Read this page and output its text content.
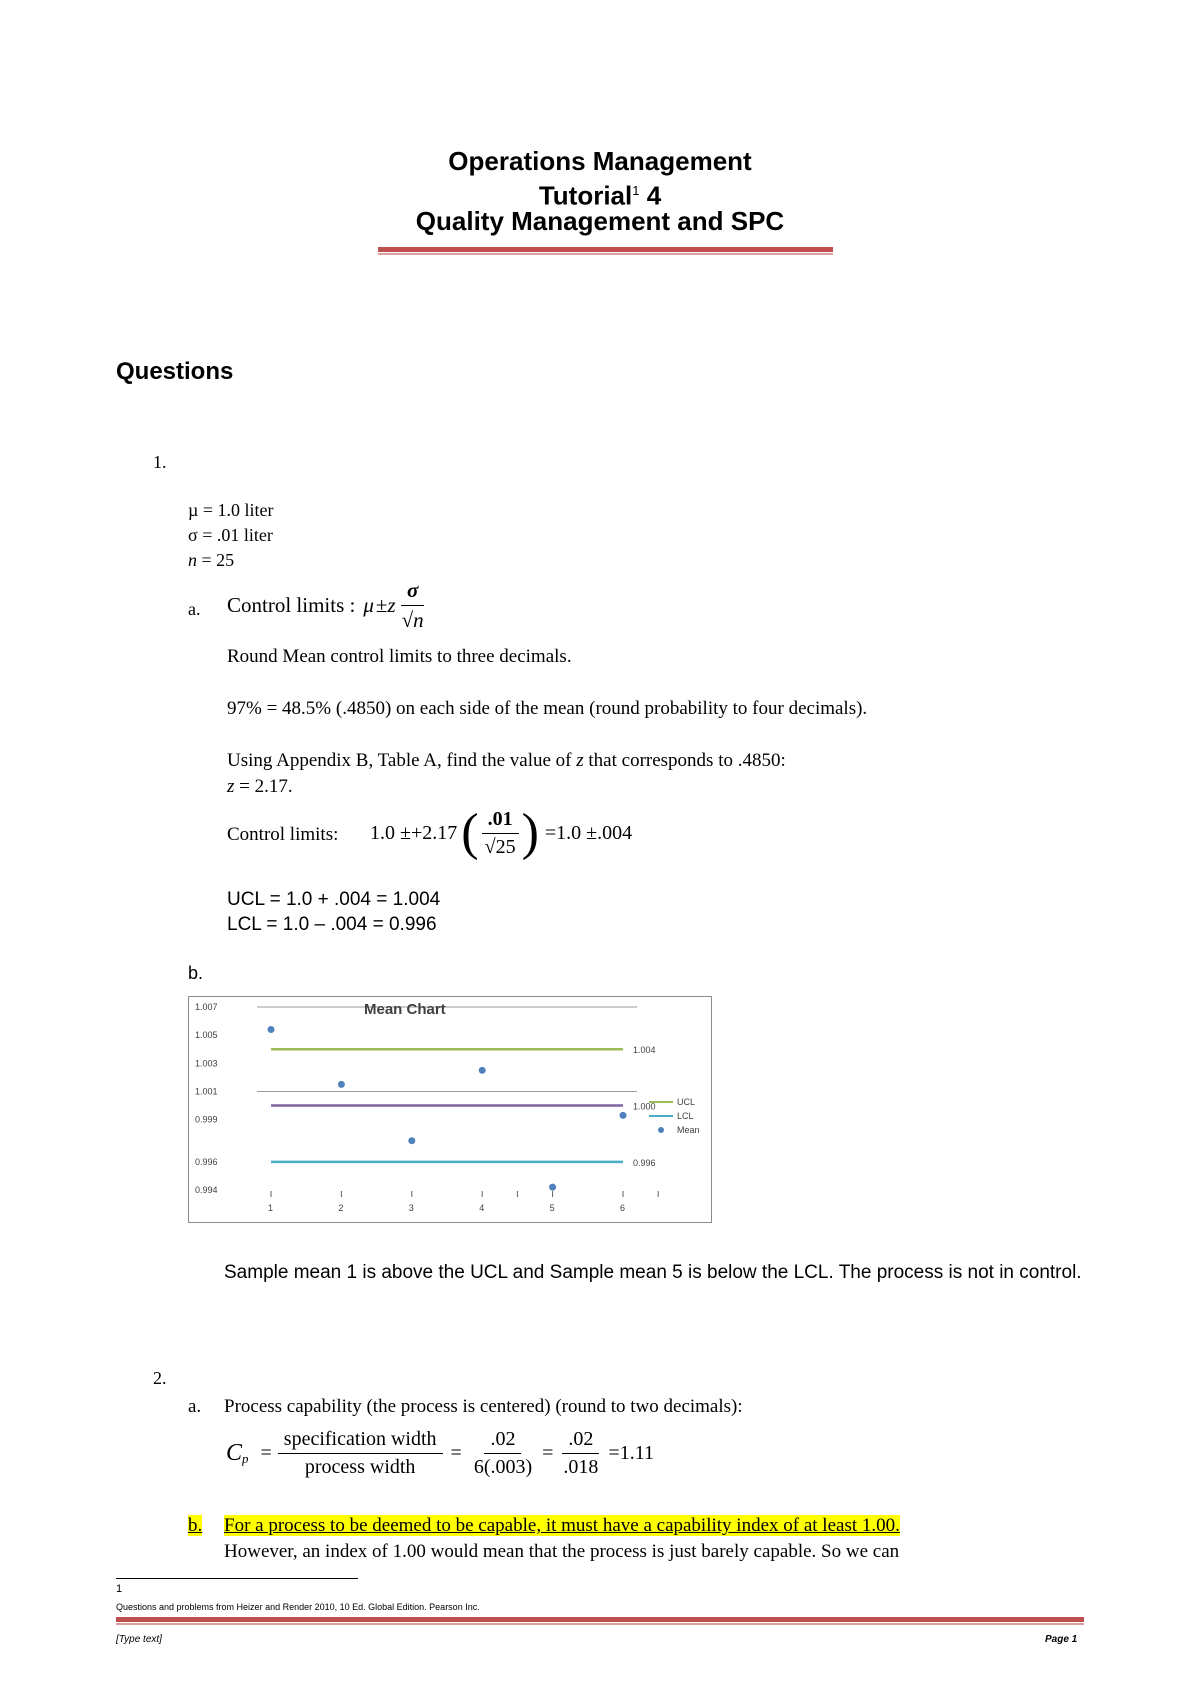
Operations Management
Tutorial$^1$ 4
Quality Management and SPC
Questions
1.
µ = 1.0 liter
σ = .01 liter
n = 25
a. Control limits : μ ± z $\frac{\sigma}{√n}$
Round Mean control limits to three decimals.
97% = 48.5% (.4850) on each side of the mean (round probability to four decimals).
Using Appendix B, Table A, find the value of z that corresponds to .4850:
z = 2.17.
Control limits: 1.0 ±+2.17 ( $\frac{.01}{√25}$ ) =1.0 ±.004
UCL = 1.0 + .004 = 1.004
LCL = 1.0 – .004 = 0.996
b.
1.007
1.005
1.003
1.001
0.999
0.996
0.994
Mean Chart
1	2	3	4	5	6
1.004
1.000
0.996
UCL
LCL
Mean
Sample mean 1 is above the UCL and Sample mean 5 is below the LCL. The process is not in control.
2.
a. Process capability (the process is centered) (round to two decimals):
$C_p = \frac{\text{specification width}}{\text{process width}} = \frac{.02}{6(.003)} = \frac{.02}{.018} =1.11$
b. For a process to be deemed to be capable, it must have a capability index of at least 1.00.
However, an index of 1.00 would mean that the process is just barely capable. So we can
1
Questions and problems from Heizer and Render 2010, 10 Ed. Global Edition. Pearson Inc.
[Type text]	Page 1
